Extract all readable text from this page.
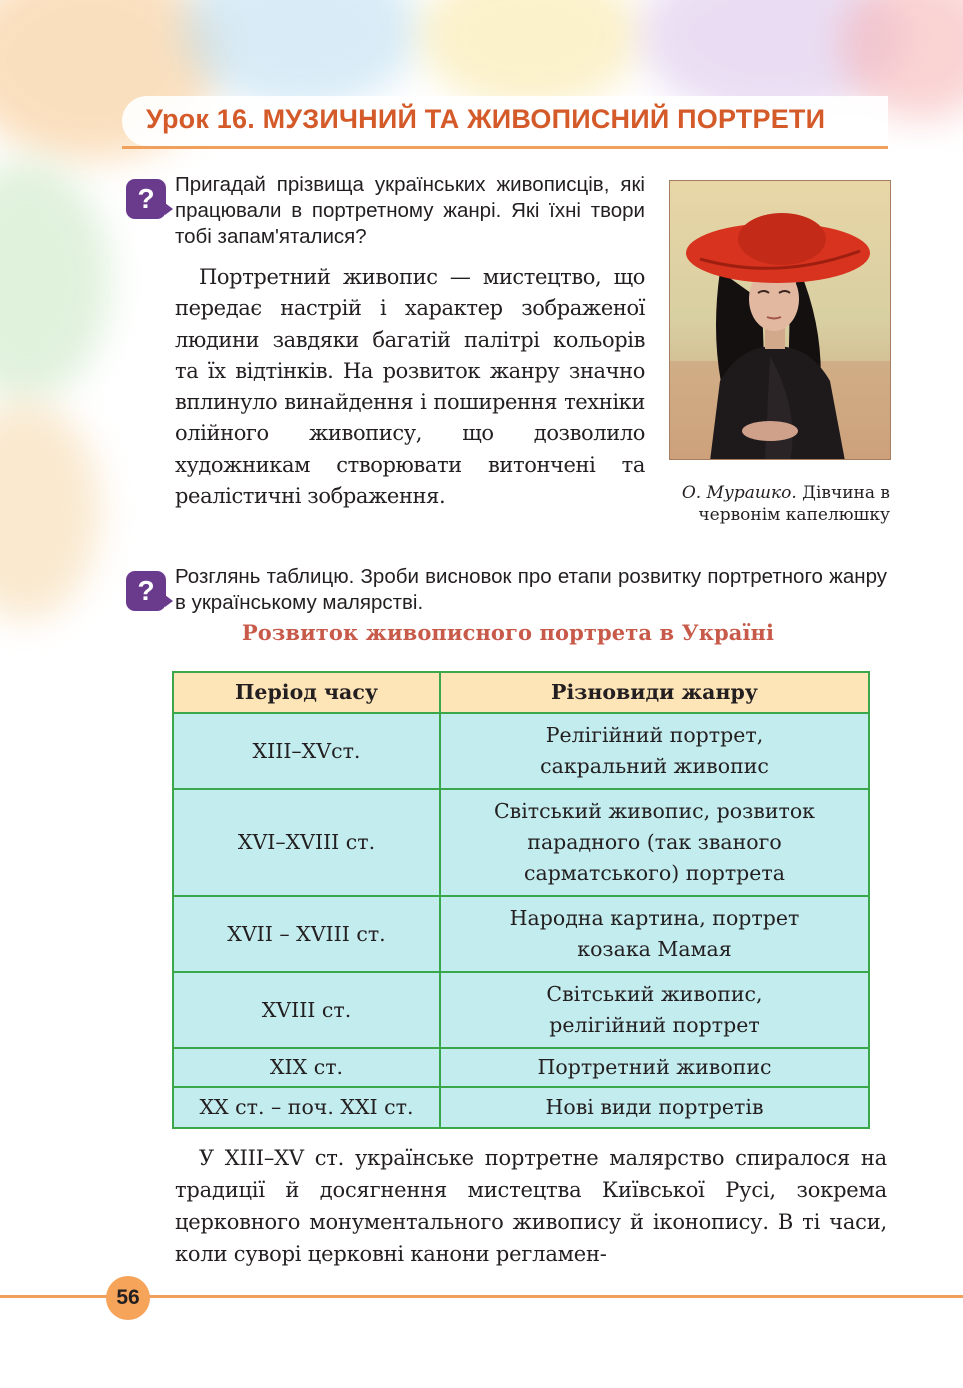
Урок 16. МУЗИЧНИЙ ТА ЖИВОПИСНИЙ ПОРТРЕТИ
? Пригадай прізвища українських живописців, які працювали в портретному жанрі. Які їхні твори тобі запам'яталися?

Портретний живопис — мистецтво, що передає настрій і характер зображеної людини завдяки багатій палітрі кольорів та їх відтінків. На розвиток жанру значно вплинуло винайдення і поширення техніки олійного живопису, що дозволило художникам створювати витончені та реалістичні зображення.	О. Мурашко. Дівчина в червонім капелюшку

? Розглянь таблицю. Зроби висновок про етапи розвитку портретного жанру в українському малярстві.

Розвиток живописного портрета в Україні
Період часу	Різновиди жанру
XIII–XVст.	Релігійний портрет, сакральний живопис
XVI–XVIII ст.	Світський живопис, розвиток парадного (так званого сарматського) портрета
XVII – XVIII ст.	Народна картина, портрет козака Мамая
XVIII ст.	Світський живопис, релігійний портрет
XIX ст.	Портретний живопис
XX ст. – поч. XXI ст.	Нові види портретів

У XIII–XV ст. українське портретне малярство спиралося на традиції й досягнення мистецтва Київської Русі, зокрема церковного монументального живопису й іконопису. В ті часи, коли суворі церковні канони регламен-

56
